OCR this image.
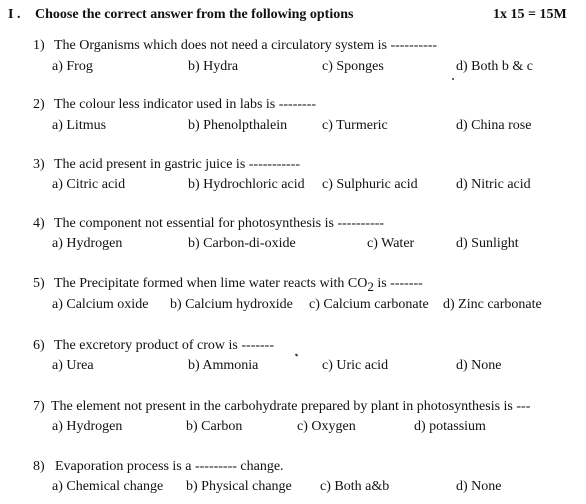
I . Choose the correct answer from the following options	1x 15 = 15M
1) The Organisms which does not need a circulatory system is ----------
a) Frog	b) Hydra	c) Sponges	d) Both b & c
2) The colour less indicator used in labs is --------
a) Litmus	b) Phenolpthalein c) Turmeric	d) China rose
3) The acid present in gastric juice is -----------
a) Citric acid	b) Hydrochloric acid c) Sulphuric acid	d) Nitric acid
4) The component not essential for photosynthesis is ----------
a) Hydrogen	b) Carbon-di-oxide	c) Water	d) Sunlight
5) The Precipitate formed when lime water reacts with $CO_2$ is -------
a) Calcium oxide b) Calcium hydroxide c) Calcium carbonate d) Zinc carbonate
6) The excretory product of crow is -------
a) Urea	b) Ammonia	c) Uric acid	d) None
7) The element not present in the carbohydrate prepared by plant in photosynthesis is ---
a) Hydrogen	b) Carbon	c) Oxygen	d) potassium
8) Evaporation process is a --------- change.
a) Chemical change b) Physical change c) Both a&b	d) None
